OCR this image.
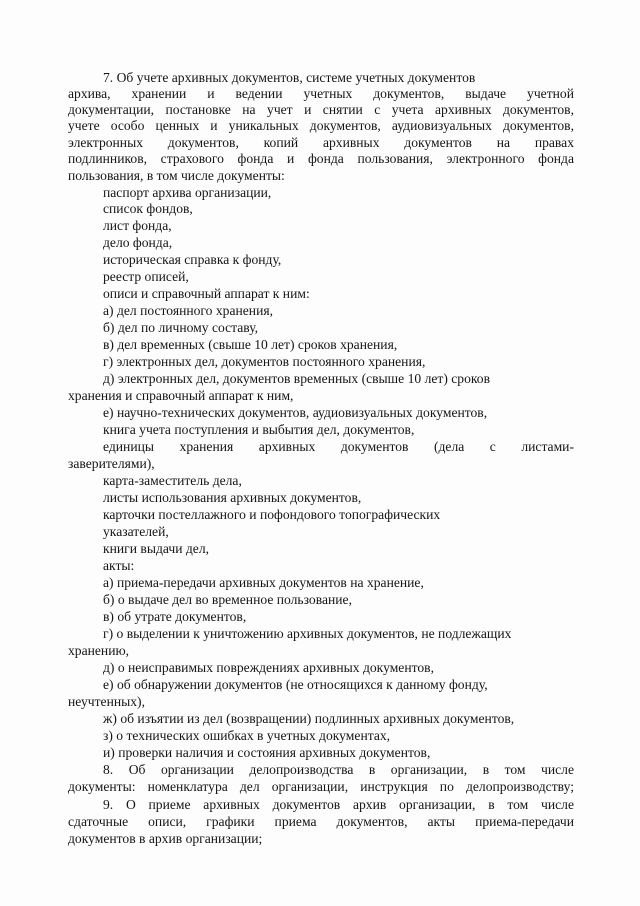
7. Об учете архивных документов, системе учетных документов
архива, хранении и ведении учетных документов, выдаче учетной
документации, постановке на учет и снятии с учета архивных документов,
учете особо ценных и уникальных документов, аудиовизуальных документов,
электронных документов, копий архивных документов на правах
подлинников, страхового фонда и фонда пользования, электронного фонда
пользования, в том числе документы:
паспорт архива организации,
список фондов,
лист фонда,
дело фонда,
историческая справка к фонду,
реестр описей,
описи и справочный аппарат к ним:
а) дел постоянного хранения,
б) дел по личному составу,
в) дел временных (свыше 10 лет) сроков хранения,
г) электронных дел, документов постоянного хранения,
д) электронных дел, документов временных (свыше 10 лет) сроков
хранения и справочный аппарат к ним,
е) научно-технических документов, аудиовизуальных документов,
книга учета поступления и выбытия дел, документов,
единицы хранения архивных документов (дела с листами-
заверителями),
карта-заместитель дела,
листы использования архивных документов,
карточки постеллажного и пофондового топографических
указателей,
книги выдачи дел,
акты:
а) приема-передачи архивных документов на хранение,
б) о выдаче дел во временное пользование,
в) об утрате документов,
г) о выделении к уничтожению архивных документов, не подлежащих
хранению,
д) о неисправимых повреждениях архивных документов,
е) об обнаружении документов (не относящихся к данному фонду,
неучтенных),
ж) об изъятии из дел (возвращении) подлинных архивных документов,
з) о технических ошибках в учетных документах,
и) проверки наличия и состояния архивных документов,
8. Об организации делопроизводства в организации, в том числе
документы: номенклатура дел организации, инструкция по делопроизводству;
9. О приеме архивных документов архив организации, в том числе
сдаточные описи, графики приема документов, акты приема-передачи
документов в архив организации;
